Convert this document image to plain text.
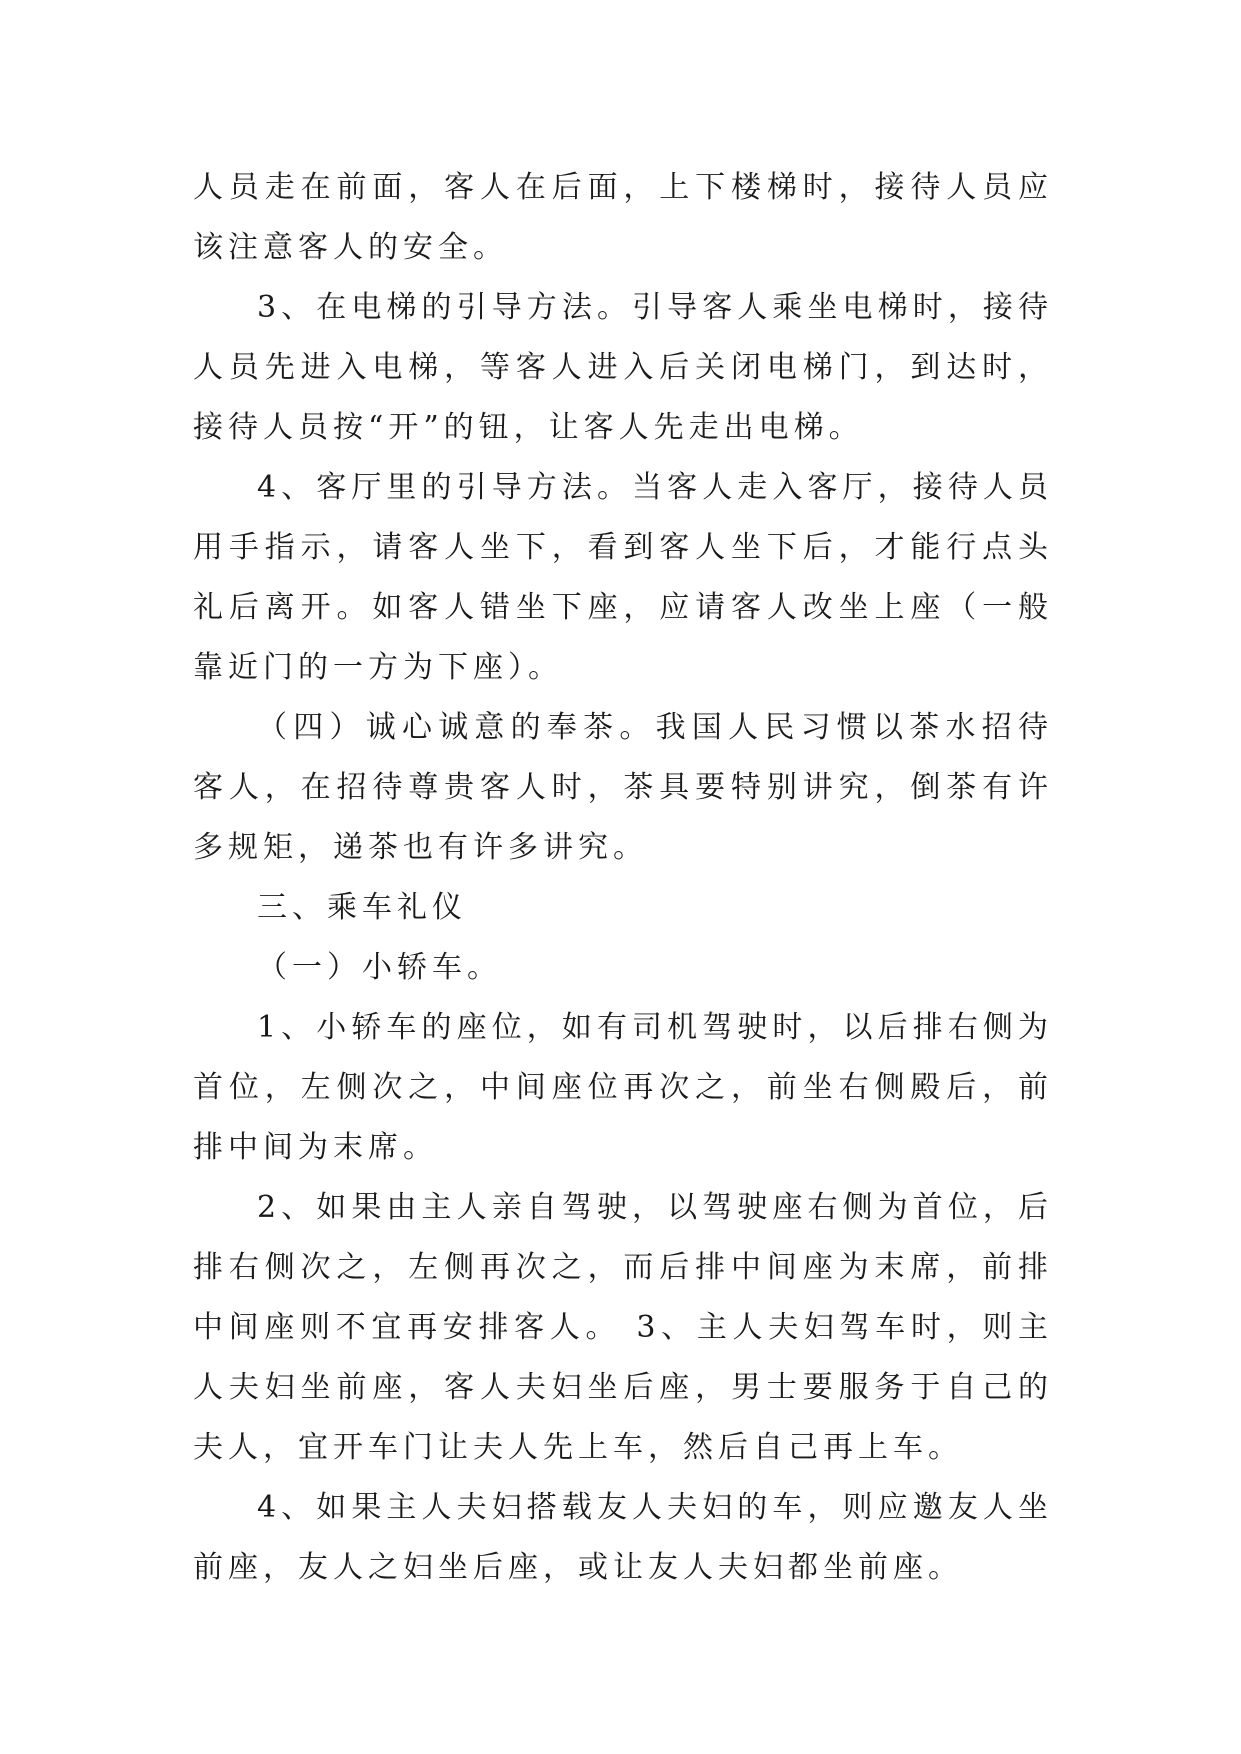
人员走在前面，客人在后面，上下楼梯时，接待人员应该注意客人的安全。

3、在电梯的引导方法。引导客人乘坐电梯时，接待人员先进入电梯，等客人进入后关闭电梯门，到达时，接待人员按“开”的钮，让客人先走出电梯。

4、客厅里的引导方法。当客人走入客厅，接待人员用手指示，请客人坐下，看到客人坐下后，才能行点头礼后离开。如客人错坐下座，应请客人改坐上座（一般靠近门的一方为下座）。

（四）诚心诚意的奉茶。我国人民习惯以茶水招待客人，在招待尊贵客人时，茶具要特别讲究，倒茶有许多规矩，递茶也有许多讲究。

三、乘车礼仪

（一）小轿车。

1、小轿车的座位，如有司机驾驶时，以后排右侧为首位，左侧次之，中间座位再次之，前坐右侧殿后，前排中间为末席。

2、如果由主人亲自驾驶，以驾驶座右侧为首位，后排右侧次之，左侧再次之，而后排中间座为末席，前排中间座则不宜再安排客人。 3、主人夫妇驾车时，则主人夫妇坐前座，客人夫妇坐后座，男士要服务于自己的夫人，宜开车门让夫人先上车，然后自己再上车。

4、如果主人夫妇搭载友人夫妇的车，则应邀友人坐前座，友人之妇坐后座，或让友人夫妇都坐前座。
